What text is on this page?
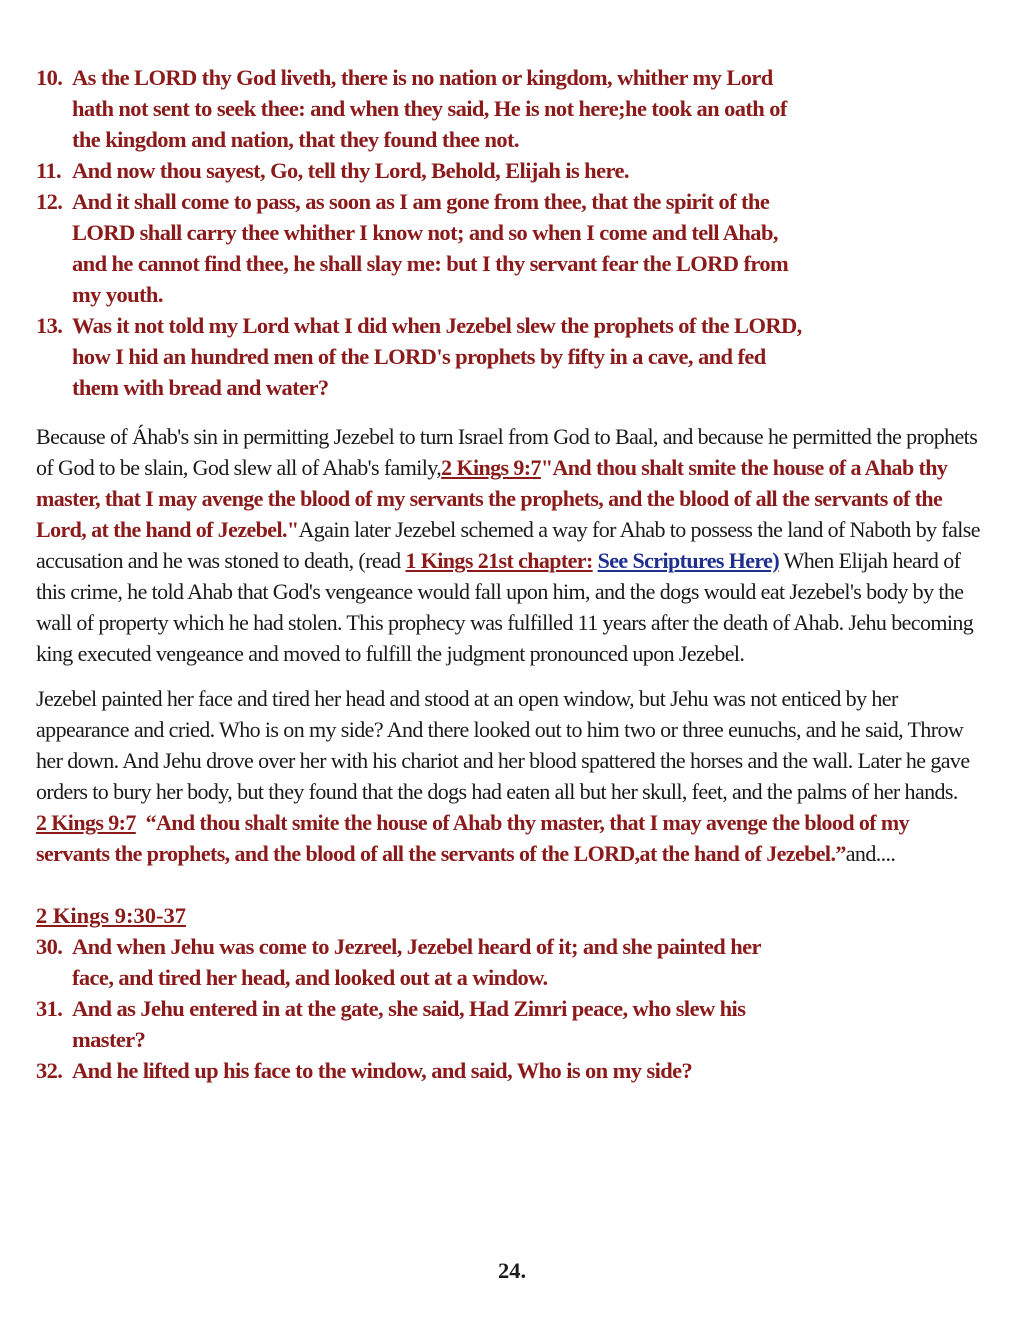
10. As the LORD thy God liveth, there is no nation or kingdom, whither my Lord hath not sent to seek thee: and when they said, He is not here;he took an oath of the kingdom and nation, that they found thee not.
11. And now thou sayest, Go, tell thy Lord, Behold, Elijah is here.
12. And it shall come to pass, as soon as I am gone from thee, that the spirit of the LORD shall carry thee whither I know not; and so when I come and tell Ahab, and he cannot find thee, he shall slay me: but I thy servant fear the LORD from my youth.
13. Was it not told my Lord what I did when Jezebel slew the prophets of the LORD, how I hid an hundred men of the LORD's prophets by fifty in a cave, and fed them with bread and water?

Because of Áhab's sin in permitting Jezebel to turn Israel from God to Baal, and because he permitted the prophets of God to be slain, God slew all of Ahab's family,2 Kings 9:7"And thou shalt smite the house of a Ahab thy master, that I may avenge the blood of my servants the prophets, and the blood of all the servants of the Lord, at the hand of Jezebel."Again later Jezebel schemed a way for Ahab to possess the land of Naboth by false accusation and he was stoned to death, (read 1 Kings 21st chapter: See Scriptures Here) When Elijah heard of this crime, he told Ahab that God's vengeance would fall upon him, and the dogs would eat Jezebel's body by the wall of property which he had stolen. This prophecy was fulfilled 11 years after the death of Ahab. Jehu becoming king executed vengeance and moved to fulfill the judgment pronounced upon Jezebel.

Jezebel painted her face and tired her head and stood at an open window, but Jehu was not enticed by her appearance and cried. Who is on my side? And there looked out to him two or three eunuchs, and he said, Throw her down. And Jehu drove over her with his chariot and her blood spattered the horses and the wall. Later he gave orders to bury her body, but they found that the dogs had eaten all but her skull, feet, and the palms of her hands.
2 Kings 9:7 “And thou shalt smite the house of Ahab thy master, that I may avenge the blood of my servants the prophets, and the blood of all the servants of the LORD,at the hand of Jezebel.”and....

2 Kings 9:30-37
30. And when Jehu was come to Jezreel, Jezebel heard of it; and she painted her face, and tired her head, and looked out at a window.
31. And as Jehu entered in at the gate, she said, Had Zimri peace, who slew his master?
32. And he lifted up his face to the window, and said, Who is on my side?
24.
